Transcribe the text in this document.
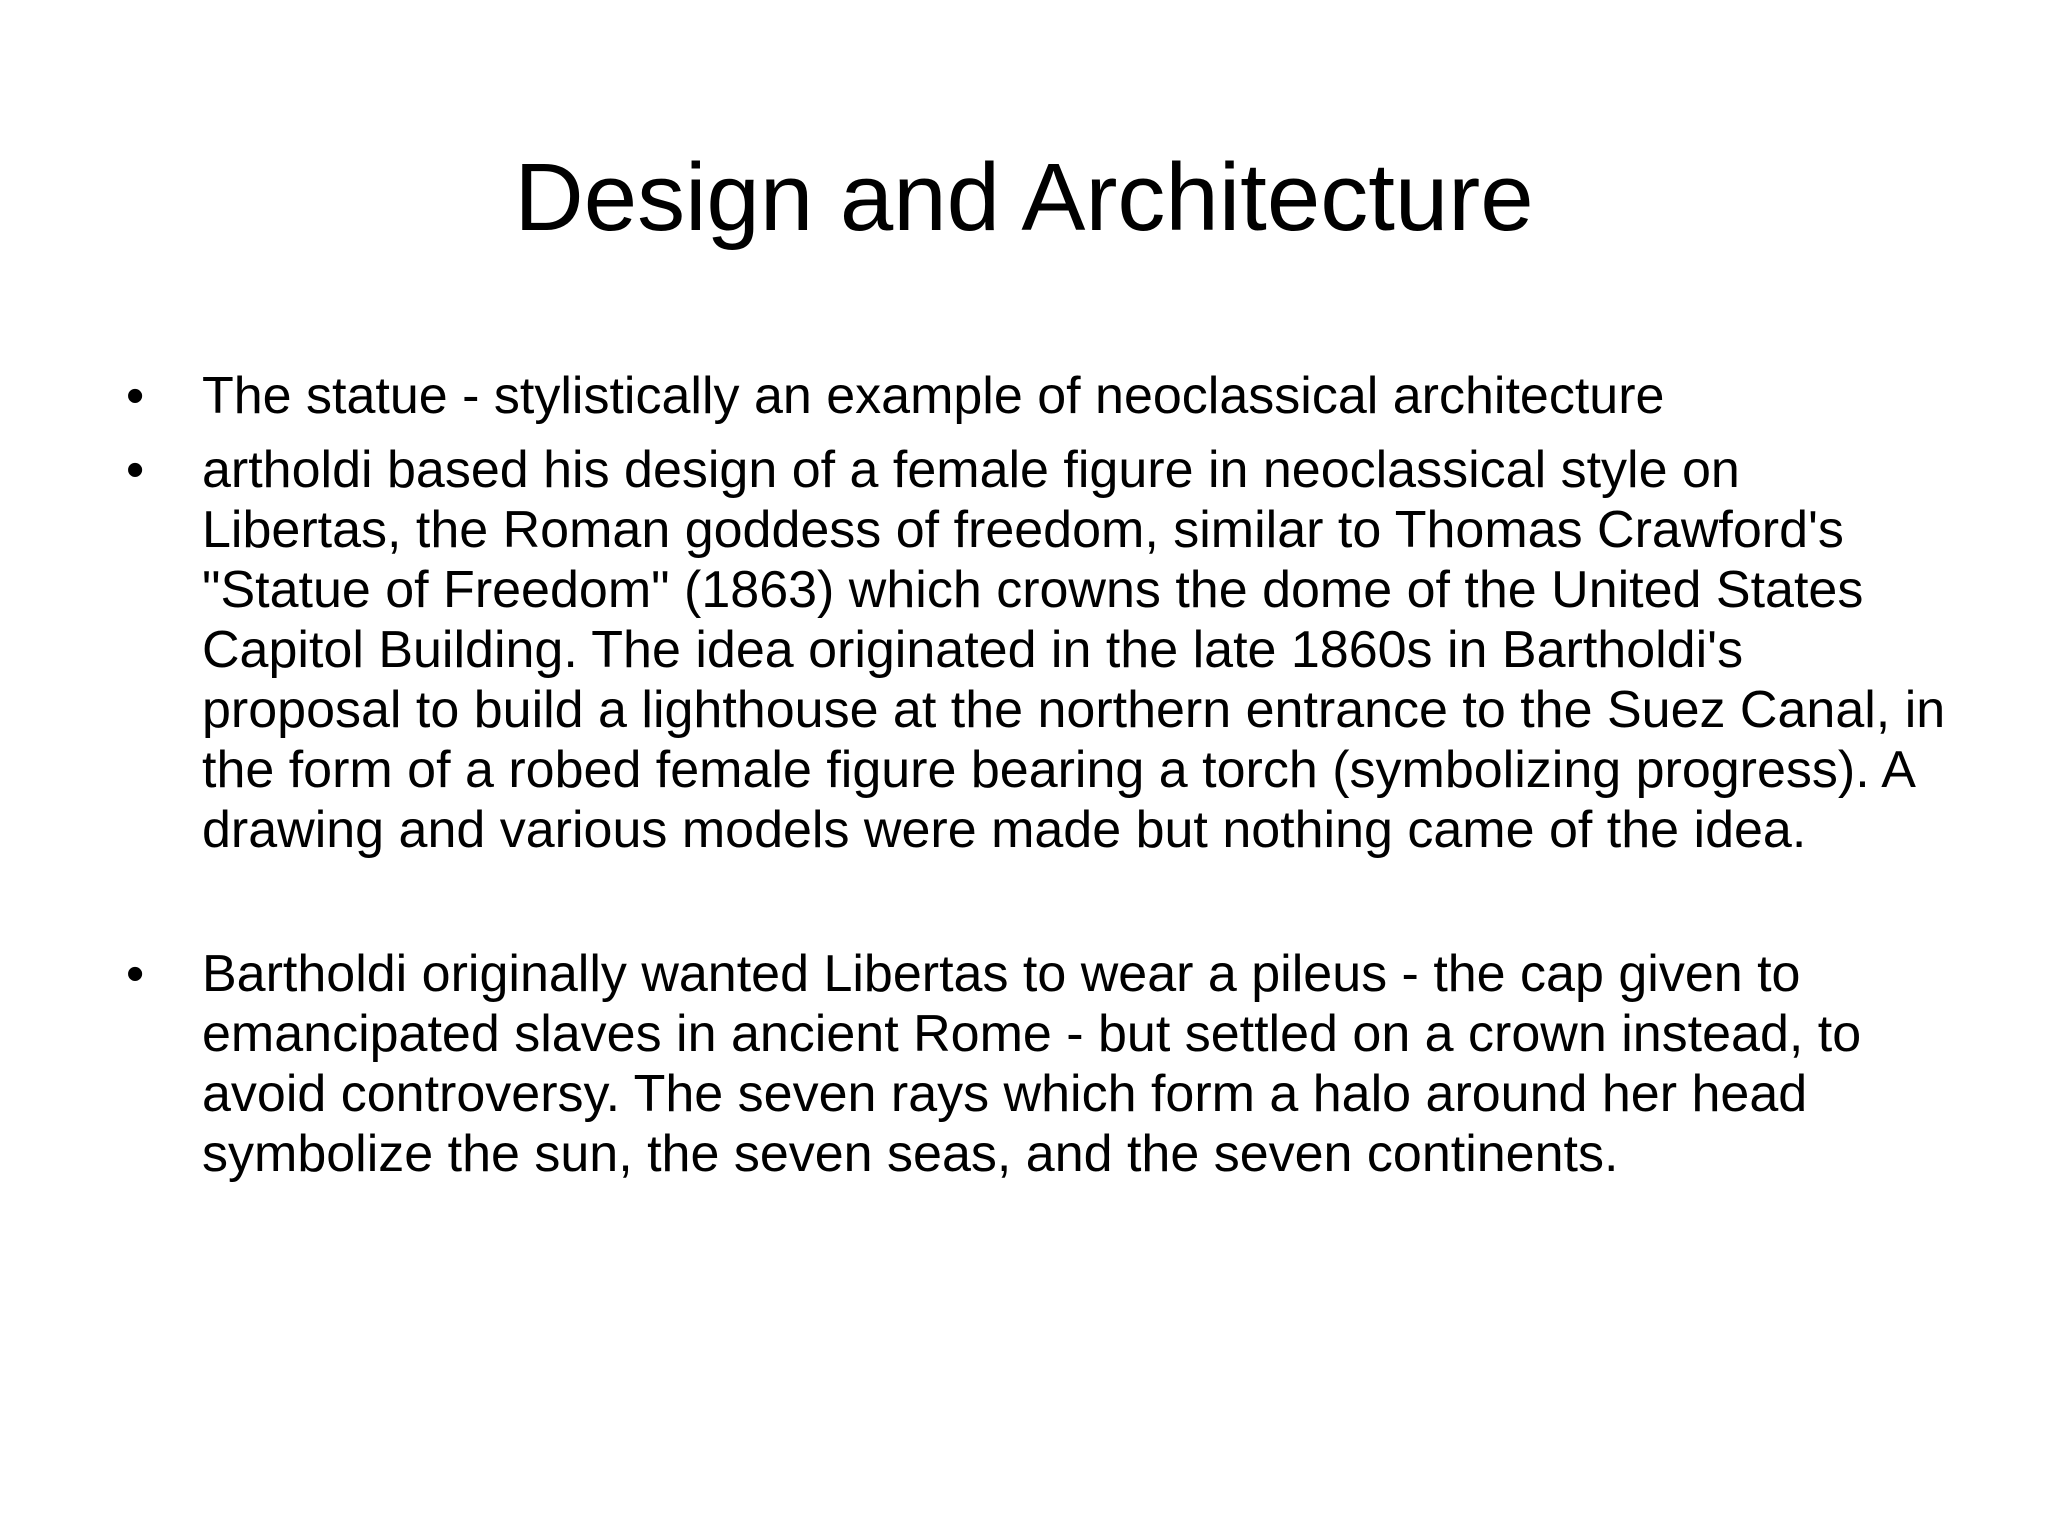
Design and Architecture
• The statue - stylistically an example of neoclassical architecture
• artholdi based his design of a female figure in neoclassical style on Libertas, the Roman goddess of freedom, similar to Thomas Crawford's "Statue of Freedom" (1863) which crowns the dome of the United States Capitol Building. The idea originated in the late 1860s in Bartholdi's proposal to build a lighthouse at the northern entrance to the Suez Canal, in the form of a robed female figure bearing a torch (symbolizing progress). A drawing and various models were made but nothing came of the idea.
• Bartholdi originally wanted Libertas to wear a pileus - the cap given to emancipated slaves in ancient Rome - but settled on a crown instead, to avoid controversy. The seven rays which form a halo around her head symbolize the sun, the seven seas, and the seven continents.
